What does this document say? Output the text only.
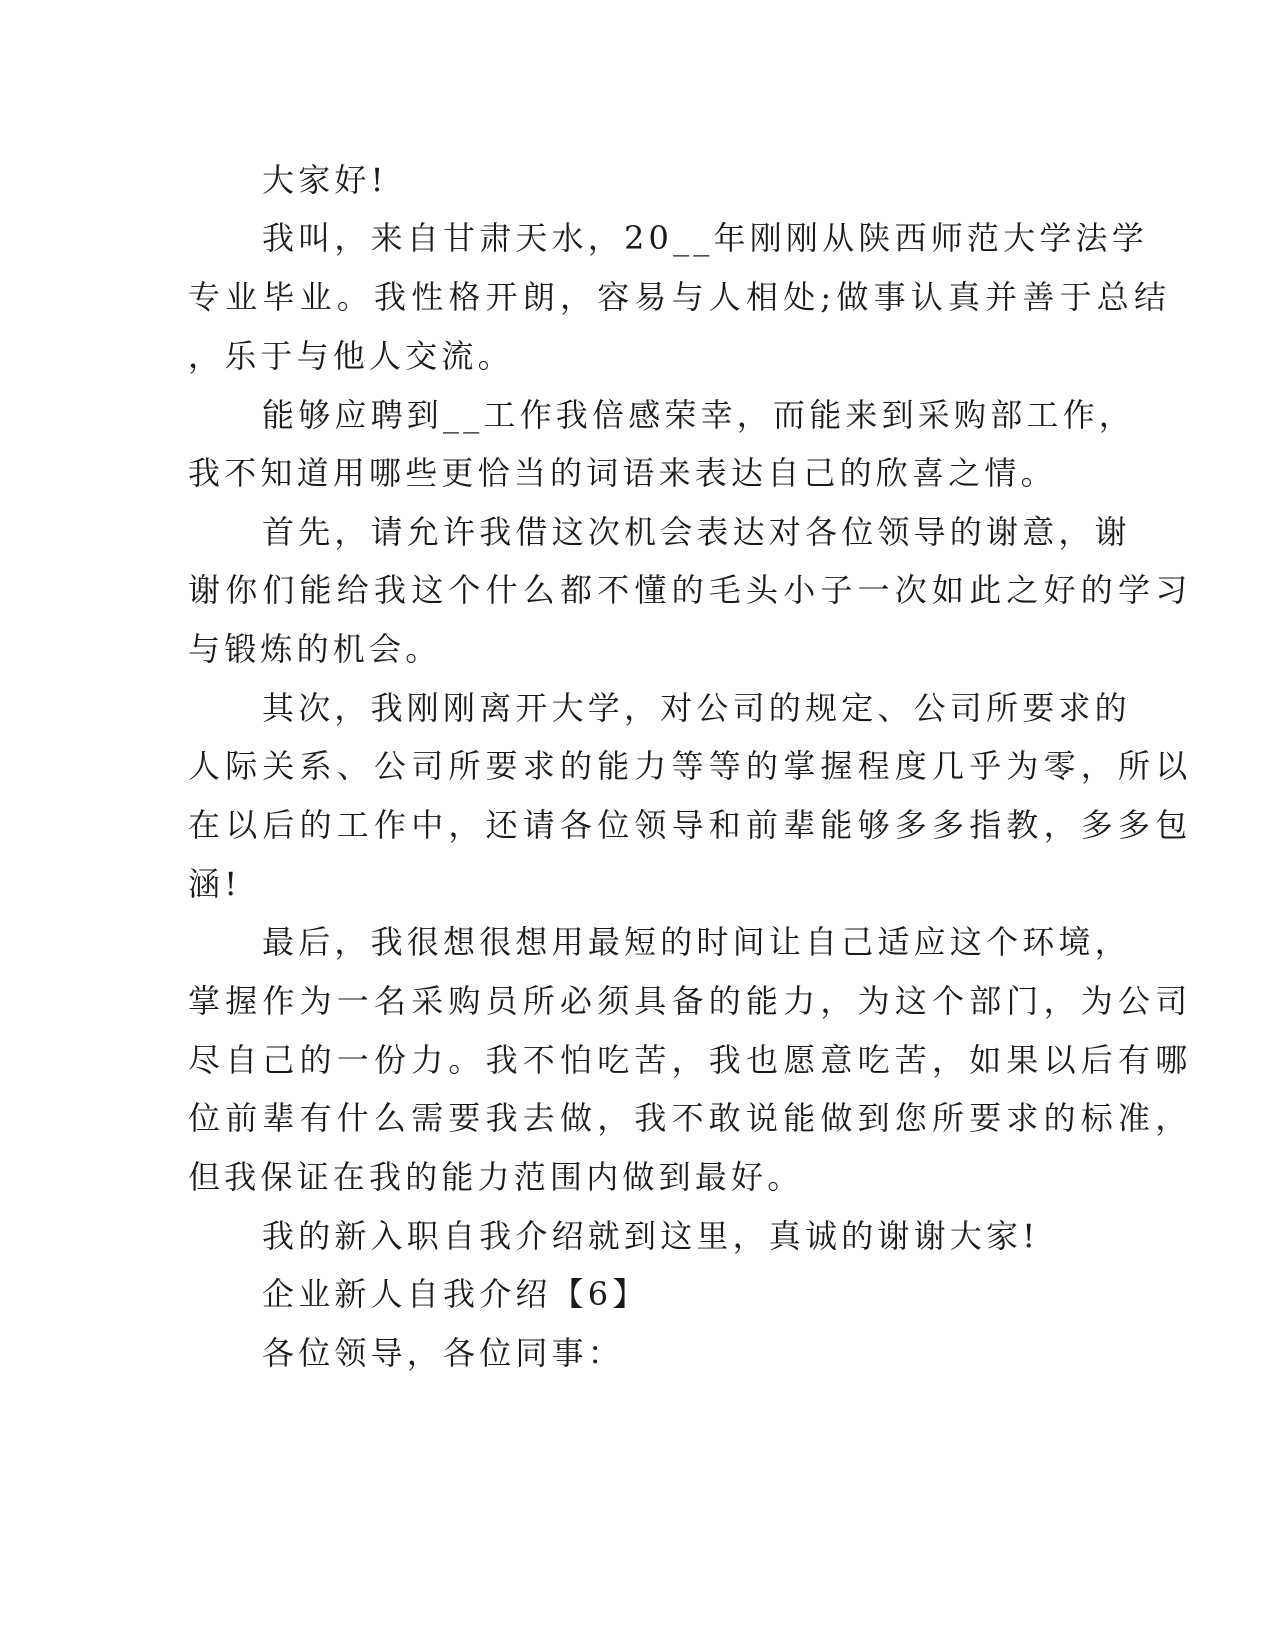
大家好!
我叫，来自甘肃天水，20__年刚刚从陕西师范大学法学
专业毕业。我性格开朗，容易与人相处;做事认真并善于总结
，乐于与他人交流。
能够应聘到__工作我倍感荣幸，而能来到采购部工作，
我不知道用哪些更恰当的词语来表达自己的欣喜之情。
首先，请允许我借这次机会表达对各位领导的谢意，谢
谢你们能给我这个什么都不懂的毛头小子一次如此之好的学习
与锻炼的机会。
其次，我刚刚离开大学，对公司的规定、公司所要求的
人际关系、公司所要求的能力等等的掌握程度几乎为零，所以
在以后的工作中，还请各位领导和前辈能够多多指教，多多包
涵!
最后，我很想很想用最短的时间让自己适应这个环境，
掌握作为一名采购员所必须具备的能力，为这个部门，为公司
尽自己的一份力。我不怕吃苦，我也愿意吃苦，如果以后有哪
位前辈有什么需要我去做，我不敢说能做到您所要求的标准，
但我保证在我的能力范围内做到最好。
我的新入职自我介绍就到这里，真诚的谢谢大家!
企业新人自我介绍【6】
各位领导，各位同事：
